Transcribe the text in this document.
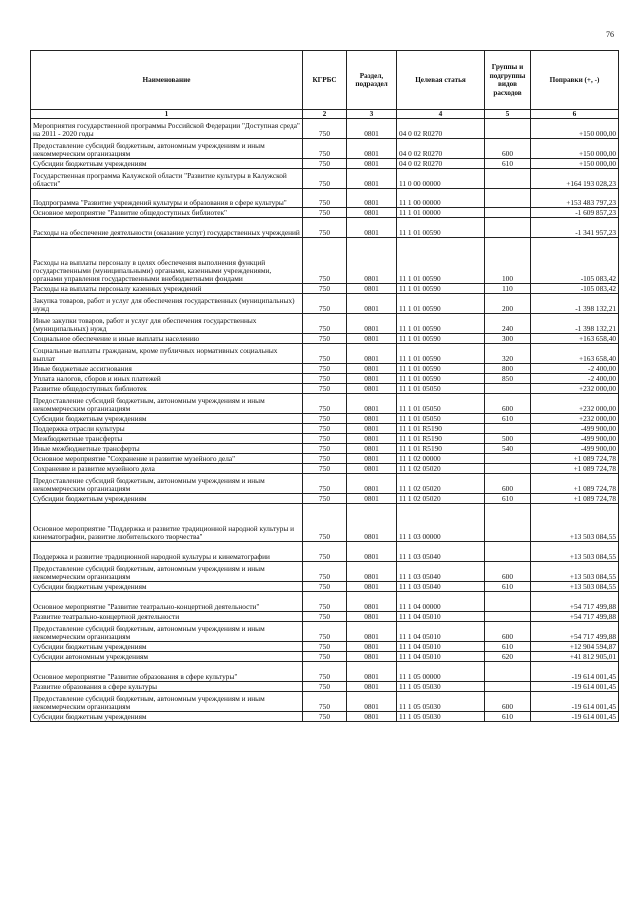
76
Наименование	КГРБС	Раздел, подраздел	Целевая статья	Группы и подгруппы видов расходов	Поправки (+, -)
1	2	3	4	5	6
Мероприятия государственной программы Российской Федерации "Доступная среда" на 2011 - 2020 годы	750	0801	04 0 02 R0270		+150 000,00
Предоставление субсидий бюджетным, автономным учреждениям и иным некоммерческим организациям	750	0801	04 0 02 R0270	600	+150 000,00
Субсидии бюджетным учреждениям	750	0801	04 0 02 R0270	610	+150 000,00
Государственная программа Калужской области "Развитие культуры в Калужской области"	750	0801	11 0 00 00000		+164 193 028,23
Подпрограмма "Развитие учреждений культуры и образования в сфере культуры"	750	0801	11 1 00 00000		+153 483 797,23
Основное мероприятие "Развитие общедоступных библиотек"	750	0801	11 1 01 00000		-1 609 857,23
Расходы на обеспечение деятельности (оказание услуг) государственных учреждений	750	0801	11 1 01 00590		-1 341 957,23
Расходы на выплаты персоналу в целях обеспечения выполнения функций государственными (муниципальными) органами, казенными учреждениями, органами управления государственными внебюджетными фондами	750	0801	11 1 01 00590	100	-105 083,42
Расходы на выплаты персоналу казенных учреждений	750	0801	11 1 01 00590	110	-105 083,42
Закупка товаров, работ и услуг для обеспечения государственных (муниципальных) нужд	750	0801	11 1 01 00590	200	-1 398 132,21
Иные закупки товаров, работ и услуг для обеспечения государственных (муниципальных) нужд	750	0801	11 1 01 00590	240	-1 398 132,21
Социальное обеспечение и иные выплаты населению	750	0801	11 1 01 00590	300	+163 658,40
Социальные выплаты гражданам, кроме публичных нормативных социальных выплат	750	0801	11 1 01 00590	320	+163 658,40
Иные бюджетные ассигнования	750	0801	11 1 01 00590	800	-2 400,00
Уплата налогов, сборов и иных платежей	750	0801	11 1 01 00590	850	-2 400,00
Развитие общедоступных библиотек	750	0801	11 1 01 05050		+232 000,00
Предоставление субсидий бюджетным, автономным учреждениям и иным некоммерческим организациям	750	0801	11 1 01 05050	600	+232 000,00
Субсидии бюджетным учреждениям	750	0801	11 1 01 05050	610	+232 000,00
Поддержка отрасли культуры	750	0801	11 1 01 R5190		-499 900,00
Межбюджетные трансферты	750	0801	11 1 01 R5190	500	-499 900,00
Иные межбюджетные трансферты	750	0801	11 1 01 R5190	540	-499 900,00
Основное мероприятие "Сохранение и развитие музейного дела"	750	0801	11 1 02 00000		+1 089 724,78
Сохранение и развитие музейного дела	750	0801	11 1 02 05020		+1 089 724,78
Предоставление субсидий бюджетным, автономным учреждениям и иным некоммерческим организациям	750	0801	11 1 02 05020	600	+1 089 724,78
Субсидии бюджетным учреждениям	750	0801	11 1 02 05020	610	+1 089 724,78
Основное мероприятие "Поддержка и развитие традиционной народной культуры и кинематографии, развитие любительского творчества"	750	0801	11 1 03 00000		+13 503 084,55
Поддержка и развитие традиционной народной культуры и кинематографии	750	0801	11 1 03 05040		+13 503 084,55
Предоставление субсидий бюджетным, автономным учреждениям и иным некоммерческим организациям	750	0801	11 1 03 05040	600	+13 503 084,55
Субсидии бюджетным учреждениям	750	0801	11 1 03 05040	610	+13 503 084,55
Основное мероприятие "Развитие театрально-концертной деятельности"	750	0801	11 1 04 00000		+54 717 499,88
Развитие театрально-концертной деятельности	750	0801	11 1 04 05010		+54 717 499,88
Предоставление субсидий бюджетным, автономным учреждениям и иным некоммерческим организациям	750	0801	11 1 04 05010	600	+54 717 499,88
Субсидии бюджетным учреждениям	750	0801	11 1 04 05010	610	+12 904 594,87
Субсидии автономным учреждениям	750	0801	11 1 04 05010	620	+41 812 905,01
Основное мероприятие "Развитие образования в сфере культуры"	750	0801	11 1 05 00000		-19 614 001,45
Развитие образования в сфере культуры	750	0801	11 1 05 05030		-19 614 001,45
Предоставление субсидий бюджетным, автономным учреждениям и иным некоммерческим организациям	750	0801	11 1 05 05030	600	-19 614 001,45
Субсидии бюджетным учреждениям	750	0801	11 1 05 05030	610	-19 614 001,45
